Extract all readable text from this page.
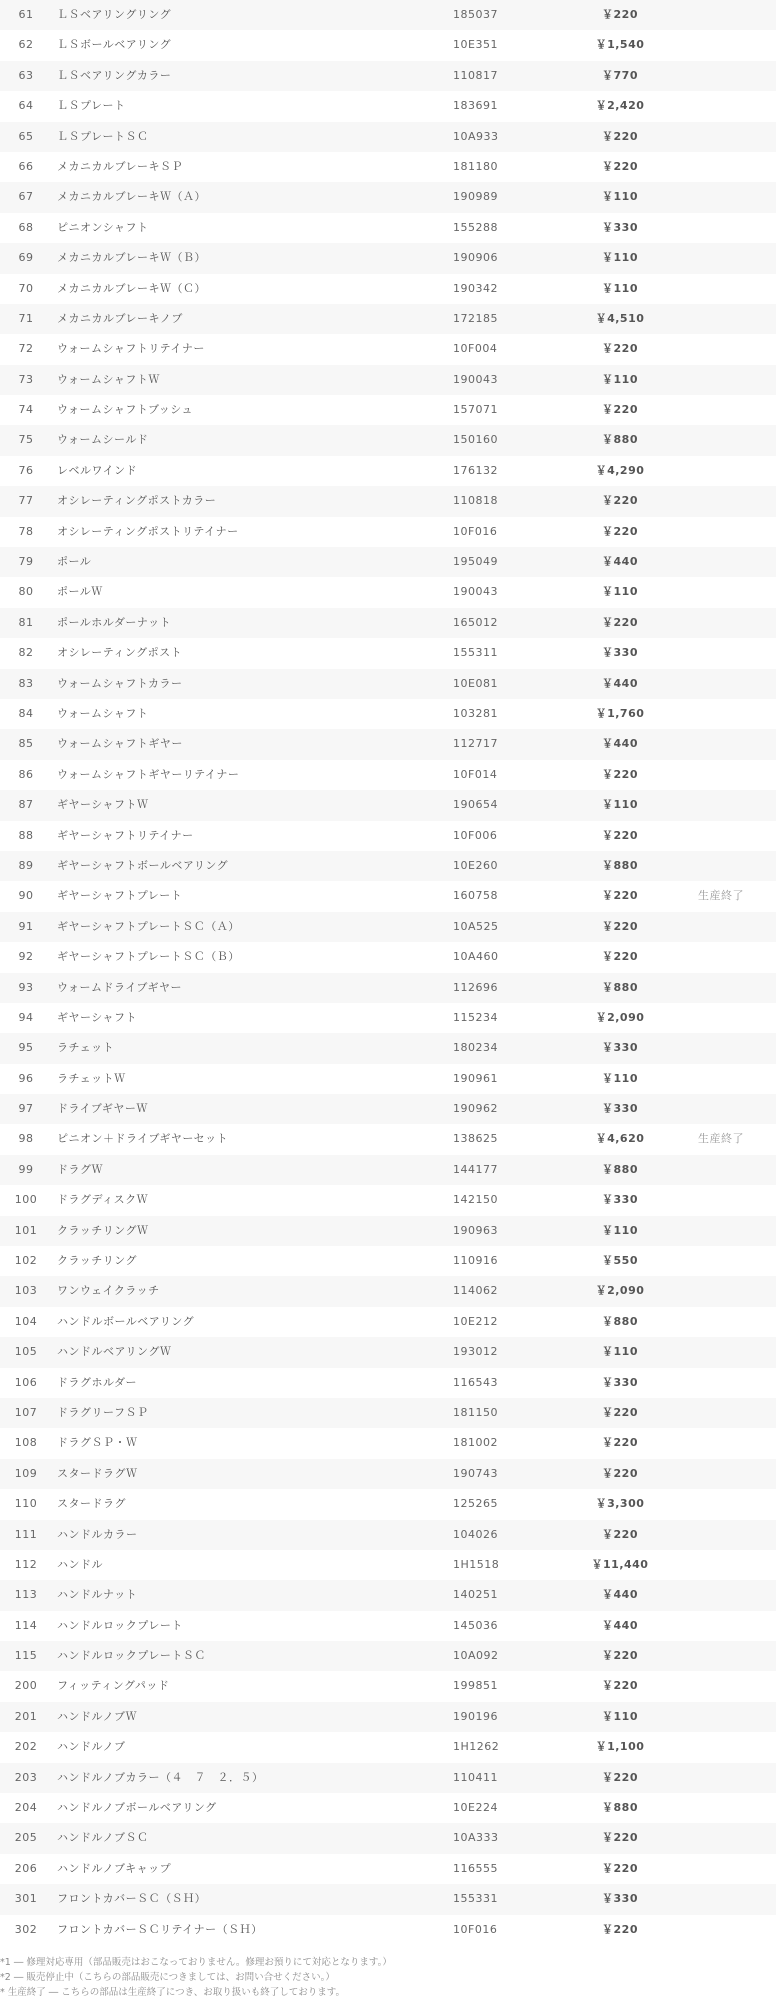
61	ＬＳベアリングリング	185037	￥220
62	ＬＳボールベアリング	10E351	￥1,540
63	ＬＳベアリングカラー	110817	￥770
64	ＬＳプレート	183691	￥2,420
65	ＬＳプレートＳＣ	10A933	￥220
66	メカニカルブレーキＳＰ	181180	￥220
67	メカニカルブレーキＷ（Ａ）	190989	￥110
68	ピニオンシャフト	155288	￥330
69	メカニカルブレーキＷ（Ｂ）	190906	￥110
70	メカニカルブレーキＷ（Ｃ）	190342	￥110
71	メカニカルブレーキノブ	172185	￥4,510
72	ウォームシャフトリテイナー	10F004	￥220
73	ウォームシャフトＷ	190043	￥110
74	ウォームシャフトブッシュ	157071	￥220
75	ウォームシールド	150160	￥880
76	レベルワインド	176132	￥4,290
77	オシレーティングポストカラー	110818	￥220
78	オシレーティングポストリテイナー	10F016	￥220
79	ポール	195049	￥440
80	ポールＷ	190043	￥110
81	ポールホルダーナット	165012	￥220
82	オシレーティングポスト	155311	￥330
83	ウォームシャフトカラー	10E081	￥440
84	ウォームシャフト	103281	￥1,760
85	ウォームシャフトギヤー	112717	￥440
86	ウォームシャフトギヤーリテイナー	10F014	￥220
87	ギヤーシャフトＷ	190654	￥110
88	ギヤーシャフトリテイナー	10F006	￥220
89	ギヤーシャフトボールベアリング	10E260	￥880
90	ギヤーシャフトプレート	160758	￥220	生産終了
91	ギヤーシャフトプレートＳＣ（Ａ）	10A525	￥220
92	ギヤーシャフトプレートＳＣ（Ｂ）	10A460	￥220
93	ウォームドライブギヤー	112696	￥880
94	ギヤーシャフト	115234	￥2,090
95	ラチェット	180234	￥330
96	ラチェットＷ	190961	￥110
97	ドライブギヤーＷ	190962	￥330
98	ピニオン＋ドライブギヤーセット	138625	￥4,620	生産終了
99	ドラグＷ	144177	￥880
100	ドラグディスクＷ	142150	￥330
101	クラッチリングＷ	190963	￥110
102	クラッチリング	110916	￥550
103	ワンウェイクラッチ	114062	￥2,090
104	ハンドルボールベアリング	10E212	￥880
105	ハンドルベアリングＷ	193012	￥110
106	ドラグホルダー	116543	￥330
107	ドラグリーフＳＰ	181150	￥220
108	ドラグＳＰ・Ｗ	181002	￥220
109	スタードラグＷ	190743	￥220
110	スタードラグ	125265	￥3,300
111	ハンドルカラー	104026	￥220
112	ハンドル	1H1518	￥11,440
113	ハンドルナット	140251	￥440
114	ハンドルロックプレート	145036	￥440
115	ハンドルロックプレートＳＣ	10A092	￥220
200	フィッティングパッド	199851	￥220
201	ハンドルノブＷ	190196	￥110
202	ハンドルノブ	1H1262	￥1,100
203	ハンドルノブカラー（４　７　２．５）	110411	￥220
204	ハンドルノブボールベアリング	10E224	￥880
205	ハンドルノブＳＣ	10A333	￥220
206	ハンドルノブキャップ	116555	￥220
301	フロントカバーＳＣ（ＳＨ）	155331	￥330
302	フロントカバーＳＣリテイナー（ＳＨ）	10F016	￥220
*1 ― 修理対応専用（部品販売はおこなっておりません。修理お預りにて対応となります。）
*2 ― 販売停止中（こちらの部品販売につきましては、お問い合せください。）
* 生産終了 ― こちらの部品は生産終了につき、お取り扱いも終了しております。
